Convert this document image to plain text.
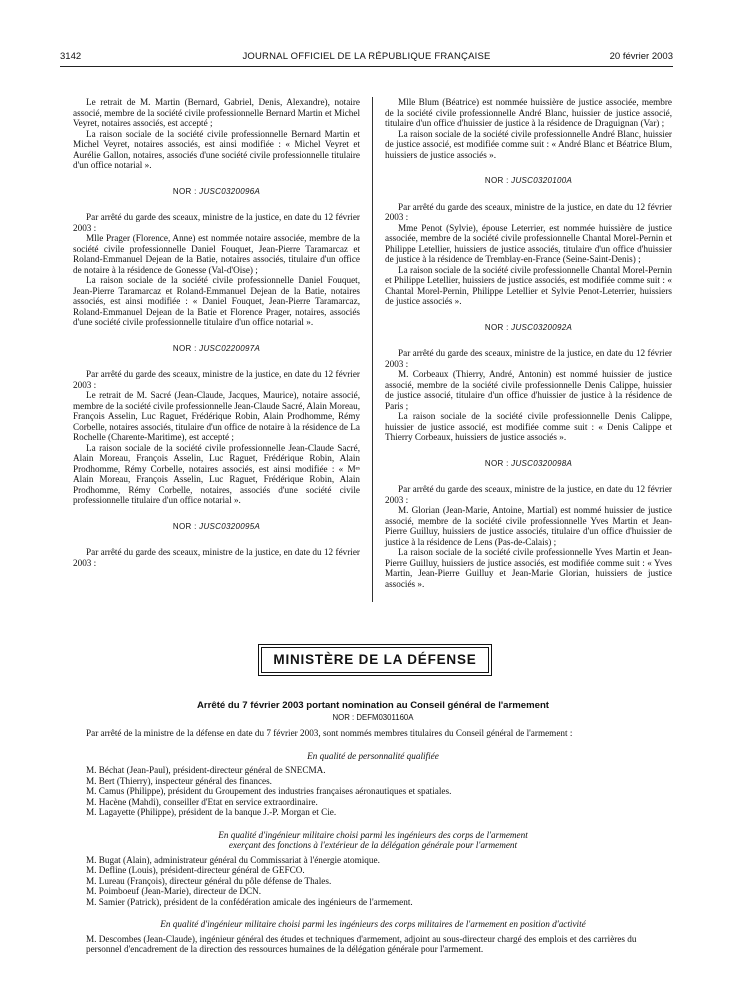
3142	JOURNAL OFFICIEL DE LA RÉPUBLIQUE FRANÇAISE	20 février 2003

Le retrait de M. Martin (Bernard, Gabriel, Denis, Alexandre), notaire associé, membre de la société civile professionnelle Bernard Martin et Michel Veyret, notaires associés, est accepté ;

La raison sociale de la société civile professionnelle Bernard Martin et Michel Veyret, notaires associés, est ainsi modifiée : « Michel Veyret et Aurélie Gallon, notaires, associés d'une société civile professionnelle titulaire d'un office notarial ».

NOR : JUSC0320096A

Par arrêté du garde des sceaux, ministre de la justice, en date du 12 février 2003 :

Mlle Prager (Florence, Anne) est nommée notaire associée, membre de la société civile professionnelle Daniel Fouquet, Jean-Pierre Taramarcaz et Roland-Emmanuel Dejean de la Batie, notaires associés, titulaire d'un office de notaire à la résidence de Gonesse (Val-d'Oise) ;

La raison sociale de la société civile professionnelle Daniel Fouquet, Jean-Pierre Taramarcaz et Roland-Emmanuel Dejean de la Batie, notaires associés, est ainsi modifiée : « Daniel Fouquet, Jean-Pierre Taramarcaz, Roland-Emmanuel Dejean de la Batie et Florence Prager, notaires, associés d'une société civile professionnelle titulaire d'un office notarial ».

NOR : JUSC0220097A

Par arrêté du garde des sceaux, ministre de la justice, en date du 12 février 2003 :

Le retrait de M. Sacré (Jean-Claude, Jacques, Maurice), notaire associé, membre de la société civile professionnelle Jean-Claude Sacré, Alain Moreau, François Asselin, Luc Raguet, Frédérique Robin, Alain Prodhomme, Rémy Corbelle, notaires associés, titulaire d'un office de notaire à la résidence de La Rochelle (Charente-Maritime), est accepté ;

La raison sociale de la société civile professionnelle Jean-Claude Sacré, Alain Moreau, François Asselin, Luc Raguet, Frédérique Robin, Alain Prodhomme, Rémy Corbelle, notaires associés, est ainsi modifiée : « Mᵉˢ Alain Moreau, François Asselin, Luc Raguet, Frédérique Robin, Alain Prodhomme, Rémy Corbelle, notaires, associés d'une société civile professionnelle titulaire d'un office notarial ».

NOR : JUSC0320095A

Par arrêté du garde des sceaux, ministre de la justice, en date du 12 février 2003 :

Mlle Blum (Béatrice) est nommée huissière de justice associée, membre de la société civile professionnelle André Blanc, huissier de justice associé, titulaire d'un office d'huissier de justice à la résidence de Draguignan (Var) ;

La raison sociale de la société civile professionnelle André Blanc, huissier de justice associé, est modifiée comme suit : « André Blanc et Béatrice Blum, huissiers de justice associés ».

NOR : JUSC0320100A

Par arrêté du garde des sceaux, ministre de la justice, en date du 12 février 2003 :

Mme Penot (Sylvie), épouse Leterrier, est nommée huissière de justice associée, membre de la société civile professionnelle Chantal Morel-Pernin et Philippe Letellier, huissiers de justice associés, titulaire d'un office d'huissier de justice à la résidence de Tremblay-en-France (Seine-Saint-Denis) ;

La raison sociale de la société civile professionnelle Chantal Morel-Pernin et Philippe Letellier, huissiers de justice associés, est modifiée comme suit : « Chantal Morel-Pernin, Philippe Letellier et Sylvie Penot-Leterrier, huissiers de justice associés ».

NOR : JUSC0320092A

Par arrêté du garde des sceaux, ministre de la justice, en date du 12 février 2003 :

M. Corbeaux (Thierry, André, Antonin) est nommé huissier de justice associé, membre de la société civile professionnelle Denis Calippe, huissier de justice associé, titulaire d'un office d'huissier de justice à la résidence de Paris ;

La raison sociale de la société civile professionnelle Denis Calippe, huissier de justice associé, est modifiée comme suit : « Denis Calippe et Thierry Corbeaux, huissiers de justice associés ».

NOR : JUSC0320098A

Par arrêté du garde des sceaux, ministre de la justice, en date du 12 février 2003 :

M. Glorian (Jean-Marie, Antoine, Martial) est nommé huissier de justice associé, membre de la société civile professionnelle Yves Martin et Jean-Pierre Guilluy, huissiers de justice associés, titulaire d'un office d'huissier de justice à la résidence de Lens (Pas-de-Calais) ;

La raison sociale de la société civile professionnelle Yves Martin et Jean-Pierre Guilluy, huissiers de justice associés, est modifiée comme suit : « Yves Martin, Jean-Pierre Guilluy et Jean-Marie Glorian, huissiers de justice associés ».

MINISTÈRE DE LA DÉFENSE
Arrêté du 7 février 2003 portant nomination au Conseil général de l'armement
NOR : DEFM0301160A

Par arrêté de la ministre de la défense en date du 7 février 2003, sont nommés membres titulaires du Conseil général de l'armement :

En qualité de personnalité qualifiée

M. Béchat (Jean-Paul), président-directeur général de SNECMA.

M. Bert (Thierry), inspecteur général des finances.

M. Camus (Philippe), président du Groupement des industries françaises aéronautiques et spatiales.

M. Hacène (Mahdi), conseiller d'Etat en service extraordinaire.

M. Lagayette (Philippe), président de la banque J.-P. Morgan et Cie.

En qualité d'ingénieur militaire choisi parmi les ingénieurs des corps de l'armement
exerçant des fonctions à l'extérieur de la délégation générale pour l'armement

M. Bugat (Alain), administrateur général du Commissariat à l'énergie atomique.

M. Defline (Louis), président-directeur général de GEFCO.

M. Lureau (François), directeur général du pôle défense de Thales.

M. Poimboeuf (Jean-Marie), directeur de DCN.

M. Samier (Patrick), président de la confédération amicale des ingénieurs de l'armement.

En qualité d'ingénieur militaire choisi parmi les ingénieurs des corps militaires de l'armement en position d'activité

M. Descombes (Jean-Claude), ingénieur général des études et techniques d'armement, adjoint au sous-directeur chargé des emplois et des carrières du personnel d'encadrement de la direction des ressources humaines de la délégation générale pour l'armement.
